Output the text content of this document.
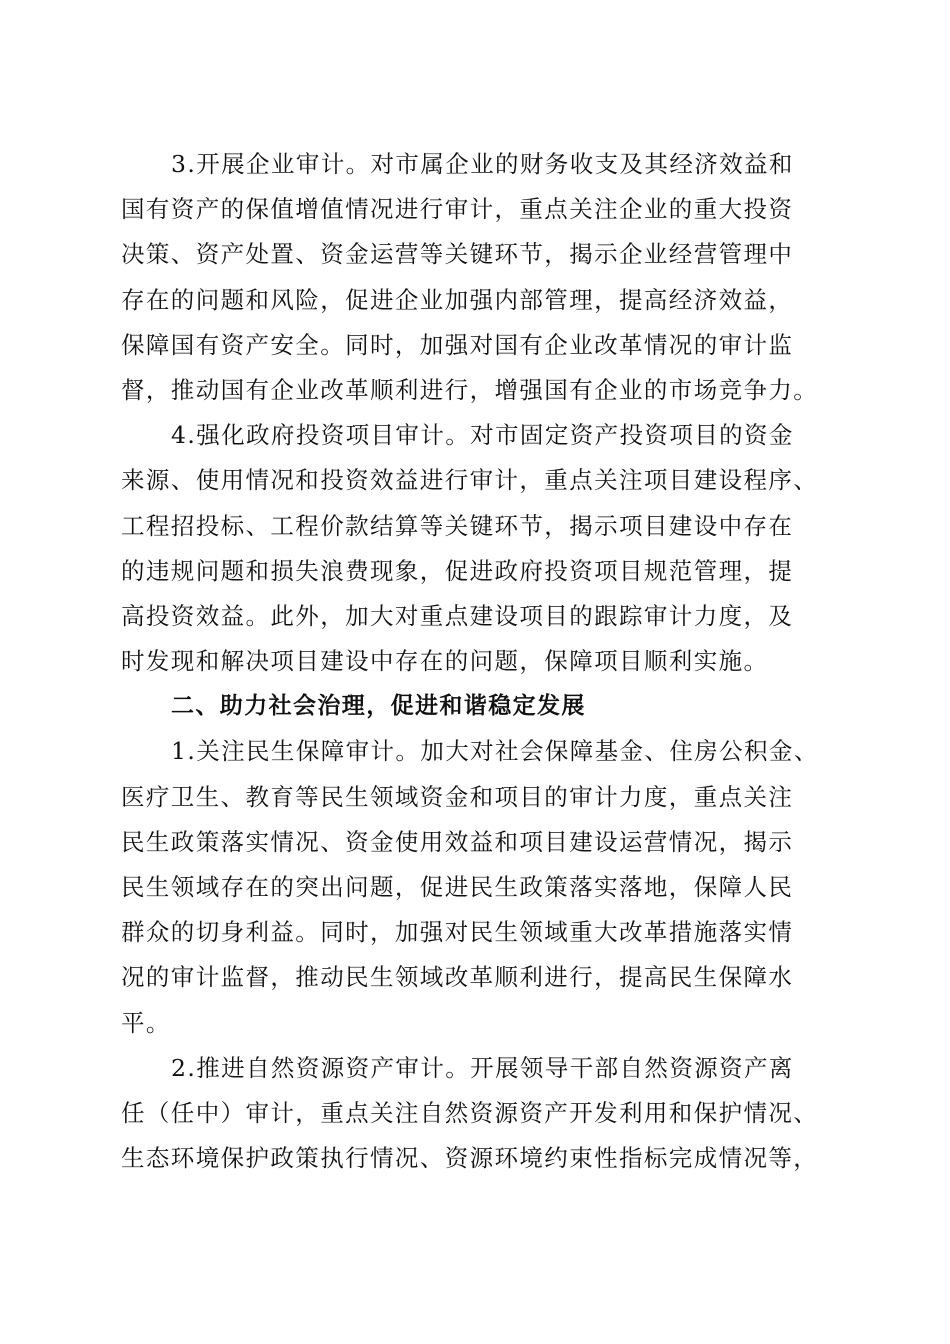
3.开展企业审计。对市属企业的财务收支及其经济效益和
国有资产的保值增值情况进行审计，重点关注企业的重大投资
决策、资产处置、资金运营等关键环节，揭示企业经营管理中
存在的问题和风险，促进企业加强内部管理，提高经济效益，
保障国有资产安全。同时，加强对国有企业改革情况的审计监
督，推动国有企业改革顺利进行，增强国有企业的市场竞争力。
4.强化政府投资项目审计。对市固定资产投资项目的资金
来源、使用情况和投资效益进行审计，重点关注项目建设程序、
工程招投标、工程价款结算等关键环节，揭示项目建设中存在
的违规问题和损失浪费现象，促进政府投资项目规范管理，提
高投资效益。此外，加大对重点建设项目的跟踪审计力度，及
时发现和解决项目建设中存在的问题，保障项目顺利实施。
二、助力社会治理，促进和谐稳定发展
1.关注民生保障审计。加大对社会保障基金、住房公积金、
医疗卫生、教育等民生领域资金和项目的审计力度，重点关注
民生政策落实情况、资金使用效益和项目建设运营情况，揭示
民生领域存在的突出问题，促进民生政策落实落地，保障人民
群众的切身利益。同时，加强对民生领域重大改革措施落实情
况的审计监督，推动民生领域改革顺利进行，提高民生保障水
平。
2.推进自然资源资产审计。开展领导干部自然资源资产离
任（任中）审计，重点关注自然资源资产开发利用和保护情况、
生态环境保护政策执行情况、资源环境约束性指标完成情况等，
